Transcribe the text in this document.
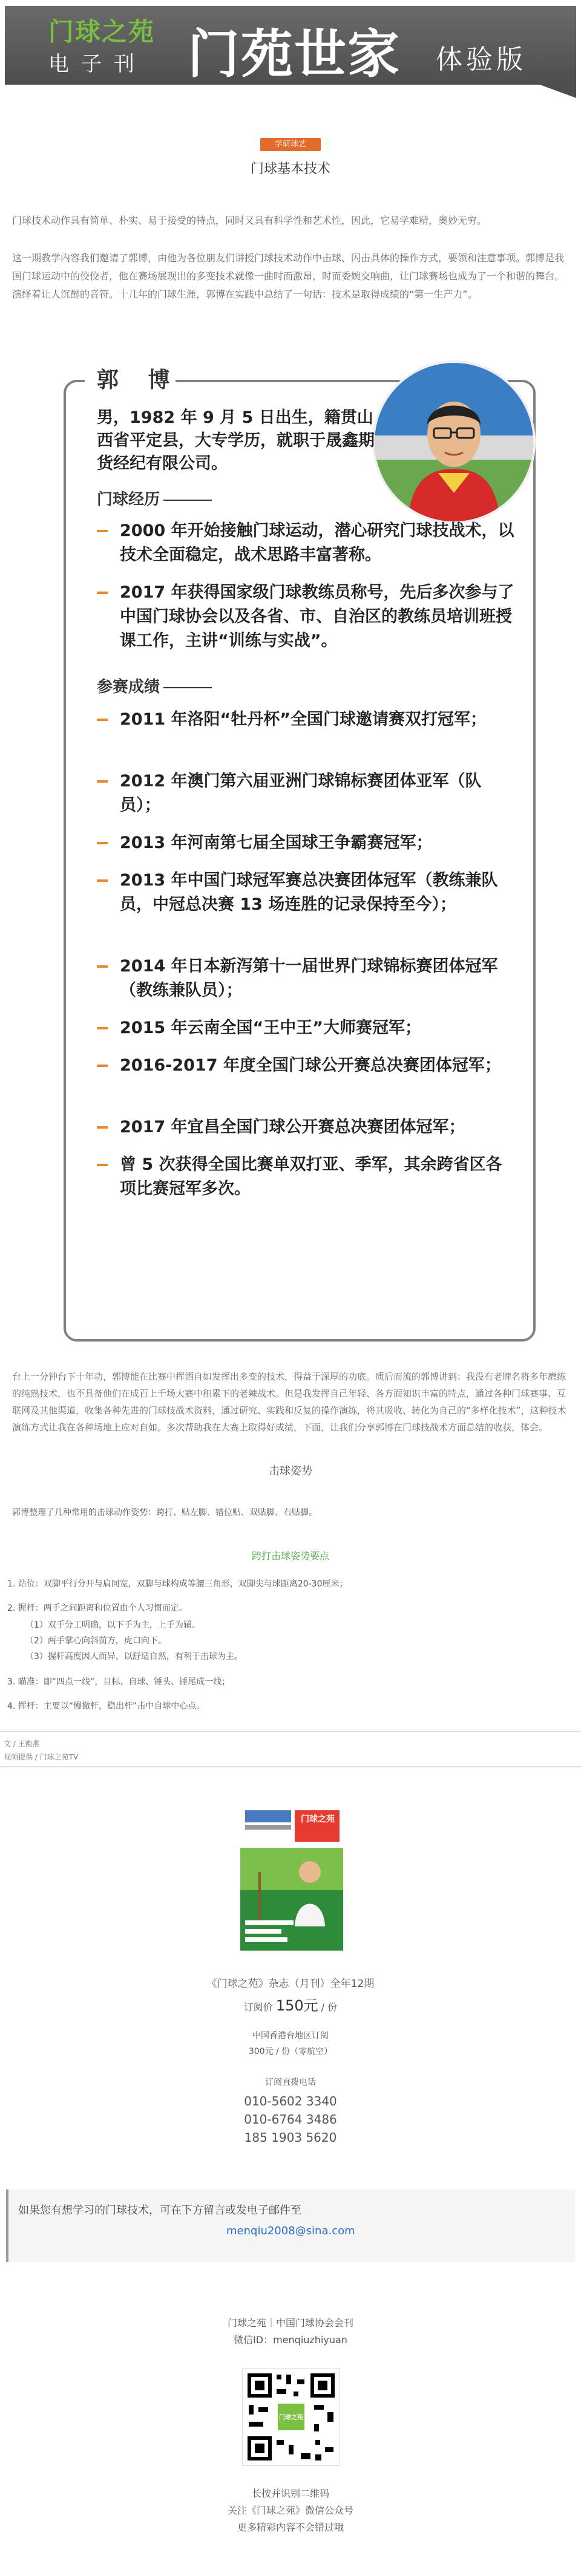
门球之苑
电子刊 门苑世家 体验版
学研球艺
门球基本技术

门球技术动作具有简单、朴实、易于接受的特点，同时又具有科学性和艺术性，因此，它易学难精，奥妙无穷。

这一期教学内容我们邀请了郭博，由他为各位朋友们讲授门球技术动作中击球、闪击具体的操作方式，要领和注意事项。郭博是我国门球运动中的佼佼者，他在赛场展现出的多变技术就像一曲时而激昂，时而委婉交响曲，让门球赛场也成为了一个和谐的舞台。演绎着让人沉醉的音符。十几年的门球生涯，郭博在实践中总结了一句话：技术是取得成绩的“第一生产力”。

郭 博

男，1982 年 9 月 5 日出生，籍贯山西省平定县，大专学历，就职于晟鑫期货经纪有限公司。

门球经历
2000 年开始接触门球运动，潜心研究门球技战术，以技术全面稳定，战术思路丰富著称。
2017 年获得国家级门球教练员称号，先后多次参与了中国门球协会以及各省、市、自治区的教练员培训班授课工作，主讲“训练与实战”。
参赛成绩
2011 年洛阳“牡丹杯”全国门球邀请赛双打冠军；
2012 年澳门第六届亚洲门球锦标赛团体亚军（队员）；
2013 年河南第七届全国球王争霸赛冠军；
2013 年中国门球冠军赛总决赛团体冠军（教练兼队员，中冠总决赛 13 场连胜的记录保持至今）；
2014 年日本新泻第十一届世界门球锦标赛团体冠军（教练兼队员）；
2015 年云南全国“王中王”大师赛冠军；
2016-2017 年度全国门球公开赛总决赛团体冠军；
2017 年宜昌全国门球公开赛总决赛团体冠军；
曾 5 次获得全国比赛单双打亚、季军，其余跨省区各项比赛冠军多次。

台上一分钟台下十年功，郭博能在比赛中挥洒自如发挥出多变的技术，得益于深厚的功底。质后而流的郭博讲到：我没有老牌名将多年磨练的纯熟技术，也不具备他们在成百上千场大赛中积累下的老辣战术。但是我发挥自己年轻、各方面知识丰富的特点，通过各种门球赛事、互联网及其他渠道，收集各种先进的门球技战术资料，通过研究、实践和反复的操作演练，将其吸收、转化为自己的“多样化技术”，这种技术演练方式让我在各种场地上应对自如。多次帮助我在大赛上取得好成绩，下面，让我们分享郭博在门球技战术方面总结的收获，体会。

击球姿势
郭博整理了几种常用的击球动作姿势：跨打、贴左脚、错位贴、双贴脚、右贴脚。
跨打击球姿势要点
1. 站位：双脚平行分开与肩同宽，双脚与球构成等腰三角形，双脚尖与球距离20-30厘米；
2. 握杆：两手之间距离和位置由个人习惯而定。
（1）双手分工明确，以下手为主，上手为辅。
（2）两手掌心向斜前方，虎口向下。
（3）握杆高度因人而异，以舒适自然，有利于击球为主。
3. 瞄准：即“四点一线”，目标、自球、锤头、锤尾成一线；
4. 挥杆：主要以“慢撤杆，稳出杆”击中自球中心点。
文 / 王衡燕
视频提供 / 门球之苑TV
门球之苑
《门球之苑》杂志（月刊）全年12期
订阅价 150元 / 份
中国香港台地区订阅
300元 / 份（零航空）
订阅直拨电话
010-5602 3340
010-6764 3486
185 1903 5620
如果您有想学习的门球技术，可在下方留言或发电子邮件至
menqiu2008@sina.com
门球之苑｜中国门球协会会刊
微信ID：menqiuzhiyuan
门球之苑
长按并识别二维码
关注《门球之苑》微信公众号
更多精彩内容不会错过哦
